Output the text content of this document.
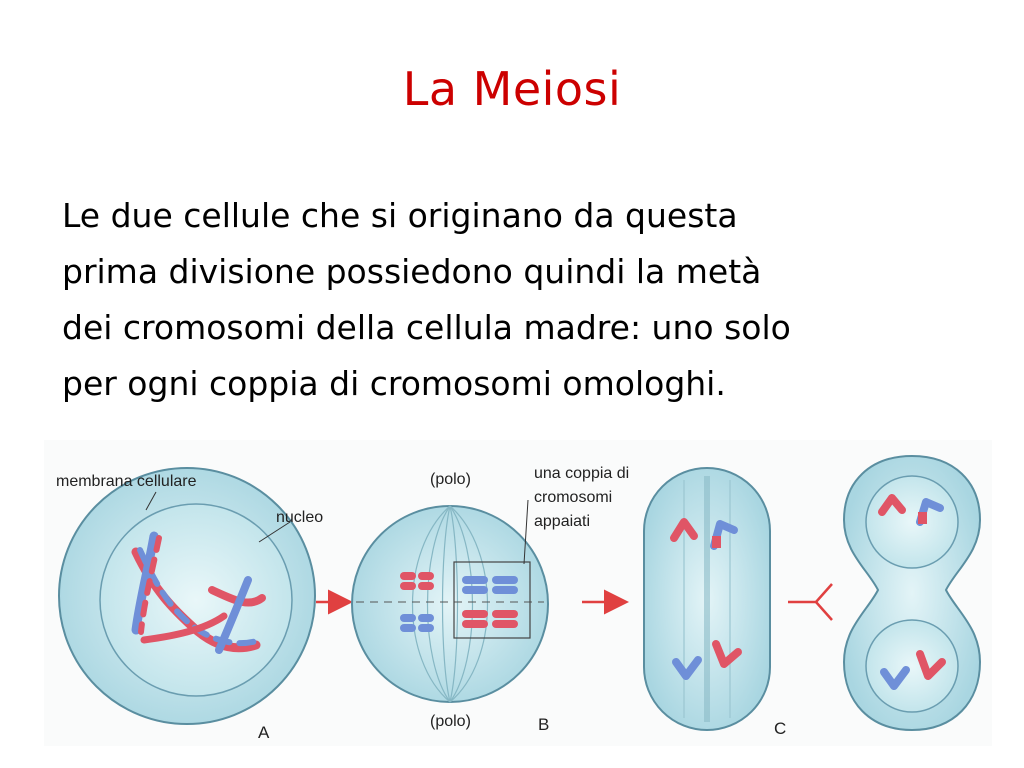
La Meiosi
Le due cellule che si originano da questa
prima divisione possiedono quindi la metà
dei cromosomi della cellula madre: uno solo
per ogni coppia di cromosomi omologhi.
membrana cellulare
nucleo
A
(polo)
(polo)	B
una coppia di
cromosomi
appaiati
C
